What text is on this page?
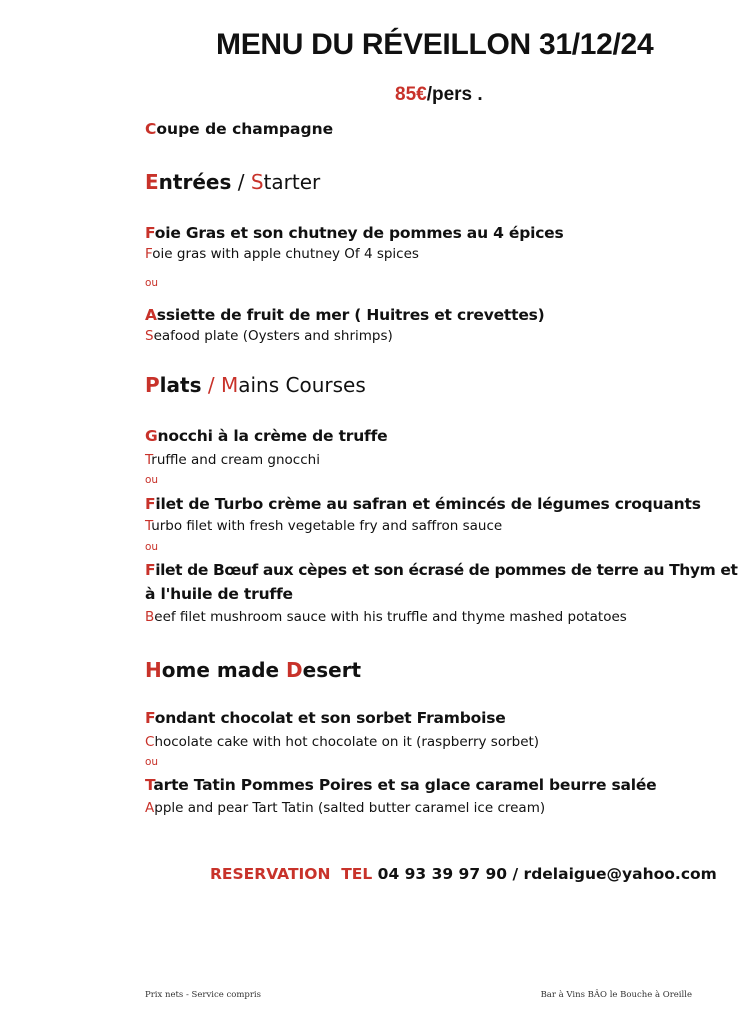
MENU DU RÉVEILLON 31/12/24
85€/pers .
Coupe de champagne
Entrées / Starter
Foie Gras et son chutney de pommes au 4 épices
Foie gras with apple chutney Of 4 spices
ou
Assiette de fruit de mer ( Huitres et crevettes)
Seafood plate (Oysters and shrimps)
Plats / Mains Courses
Gnocchi à la crème de truffe
Truffle and cream gnocchi
ou
Filet de Turbo crème au safran et émincés de légumes croquants
Turbo filet with fresh vegetable fry and saffron sauce
ou
Filet de Bœuf aux cèpes et son écrasé de pommes de terre au Thym et
à l'huile de truffe
Beef filet mushroom sauce with his truffle and thyme mashed potatoes
Home made Desert
Fondant chocolat et son sorbet Framboise
Chocolate cake with hot chocolate on it (raspberry sorbet)
ou
Tarte Tatin Pommes Poires et sa glace caramel beurre salée
Apple and pear Tart Tatin (salted butter caramel ice cream)
RESERVATION  TEL 04 93 39 97 90 / rdelaigue@yahoo.com
Prix nets - Service compris	Bar à Vins BÂO le Bouche à Oreille
